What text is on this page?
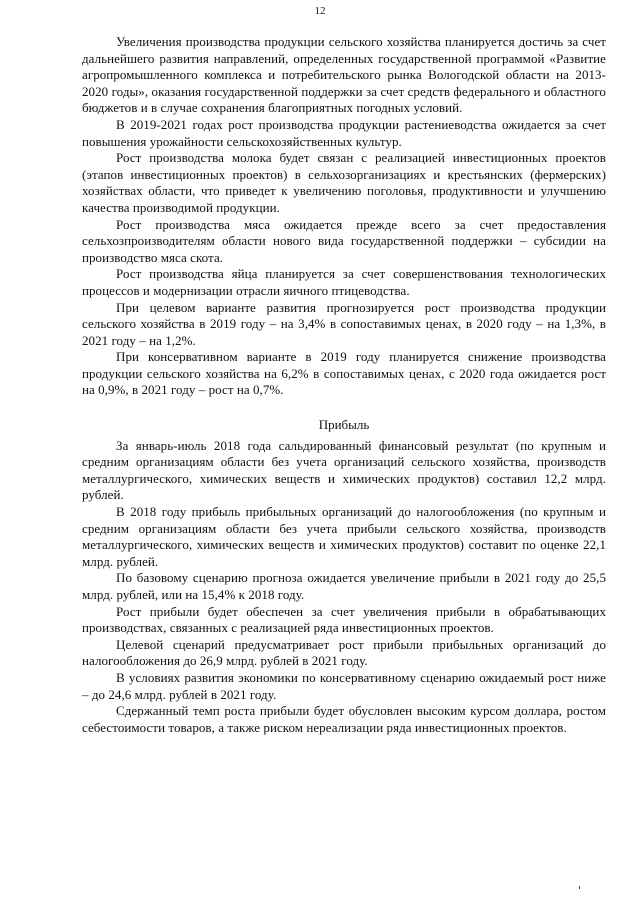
12

Увеличения производства продукции сельского хозяйства планируется достичь за счет дальнейшего развития направлений, определенных государственной программой «Развитие агропромышленного комплекса и потребительского рынка Вологодской области на 2013-2020 годы», оказания государственной поддержки за счет средств федерального и областного бюджетов и в случае сохранения благоприятных погодных условий.

В 2019-2021 годах рост производства продукции растениеводства ожидается за счет повышения урожайности сельскохозяйственных культур.

Рост производства молока будет связан с реализацией инвестиционных проектов (этапов инвестиционных проектов) в сельхозорганизациях и крестьянских (фермерских) хозяйствах области, что приведет к увеличению поголовья, продуктивности и улучшению качества производимой продукции.

Рост производства мяса ожидается прежде всего за счет предоставления сельхозпроизводителям области нового вида государственной поддержки – субсидии на производство мяса скота.

Рост производства яйца планируется за счет совершенствования технологических процессов и модернизации отрасли яичного птицеводства.

При целевом варианте развития прогнозируется рост производства продукции сельского хозяйства в 2019 году – на 3,4% в сопоставимых ценах, в 2020 году – на 1,3%, в 2021 году – на 1,2%.

При консервативном варианте в 2019 году планируется снижение производства продукции сельского хозяйства на 6,2% в сопоставимых ценах, с 2020 года ожидается рост на 0,9%, в 2021 году – рост на 0,7%.

Прибыль

За январь-июль 2018 года сальдированный финансовый результат (по крупным и средним организациям области без учета организаций сельского хозяйства, производств металлургического, химических веществ и химических продуктов) составил 12,2 млрд. рублей.

В 2018 году прибыль прибыльных организаций до налогообложения (по крупным и средним организациям области без учета прибыли сельского хозяйства, производств металлургического, химических веществ и химических продуктов) составит по оценке 22,1 млрд. рублей.

По базовому сценарию прогноза ожидается увеличение прибыли в 2021 году до 25,5 млрд. рублей, или на 15,4% к 2018 году.

Рост прибыли будет обеспечен за счет увеличения прибыли в обрабатывающих производствах, связанных с реализацией ряда инвестиционных проектов.

Целевой сценарий предусматривает рост прибыли прибыльных организаций до налогообложения до 26,9 млрд. рублей в 2021 году.

В условиях развития экономики по консервативному сценарию ожидаемый рост ниже – до 24,6 млрд. рублей в 2021 году.

Сдержанный темп роста прибыли будет обусловлен высоким курсом доллара, ростом себестоимости товаров, а также риском нереализации ряда инвестиционных проектов.
